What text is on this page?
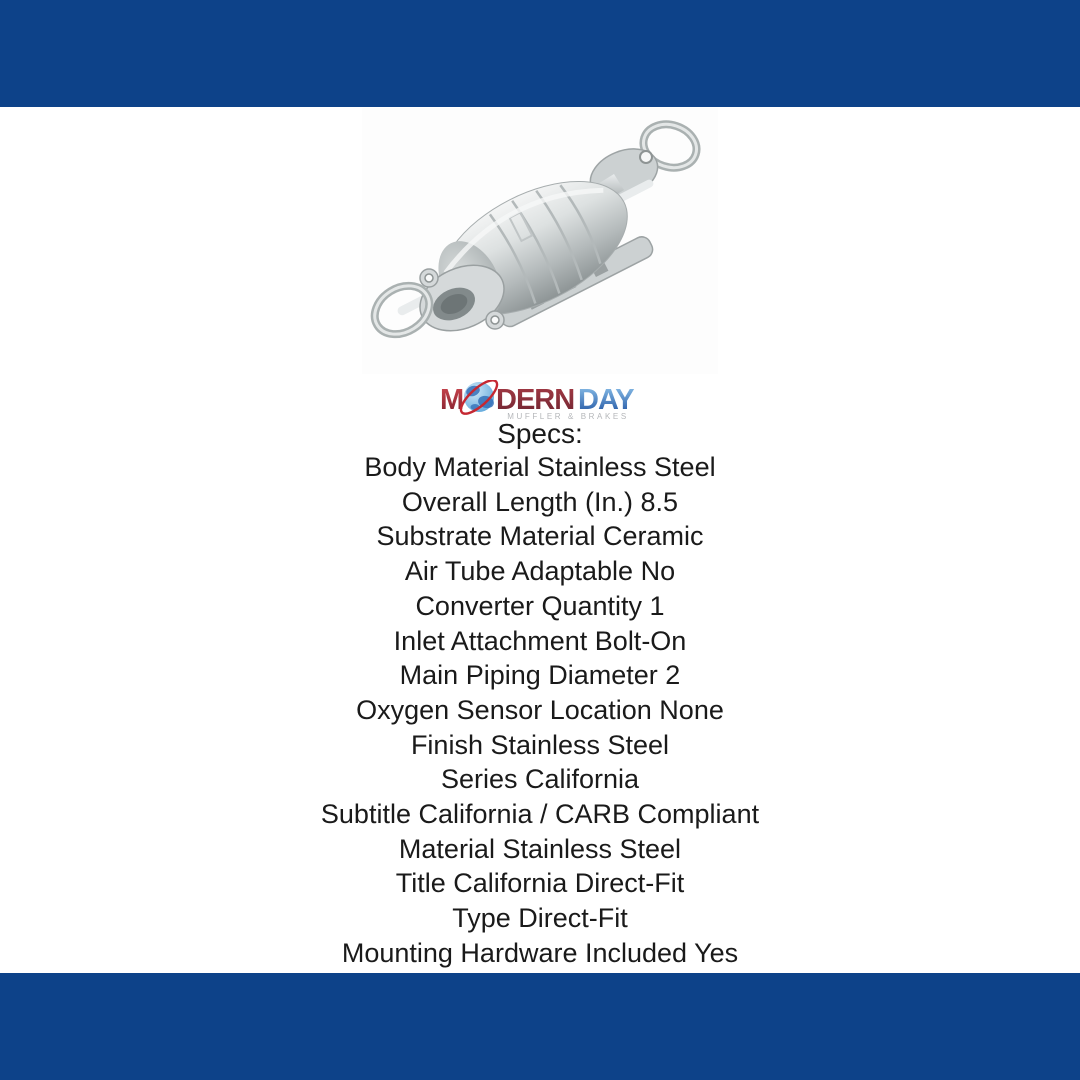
M DERN DAY
MUFFLER & BRAKES
Specs:
Body Material Stainless Steel
Overall Length (In.) 8.5
Substrate Material Ceramic
Air Tube Adaptable No
Converter Quantity 1
Inlet Attachment Bolt-On
Main Piping Diameter 2
Oxygen Sensor Location None
Finish Stainless Steel
Series California
Subtitle California / CARB Compliant
Material Stainless Steel
Title California Direct-Fit
Type Direct-Fit
Mounting Hardware Included Yes
